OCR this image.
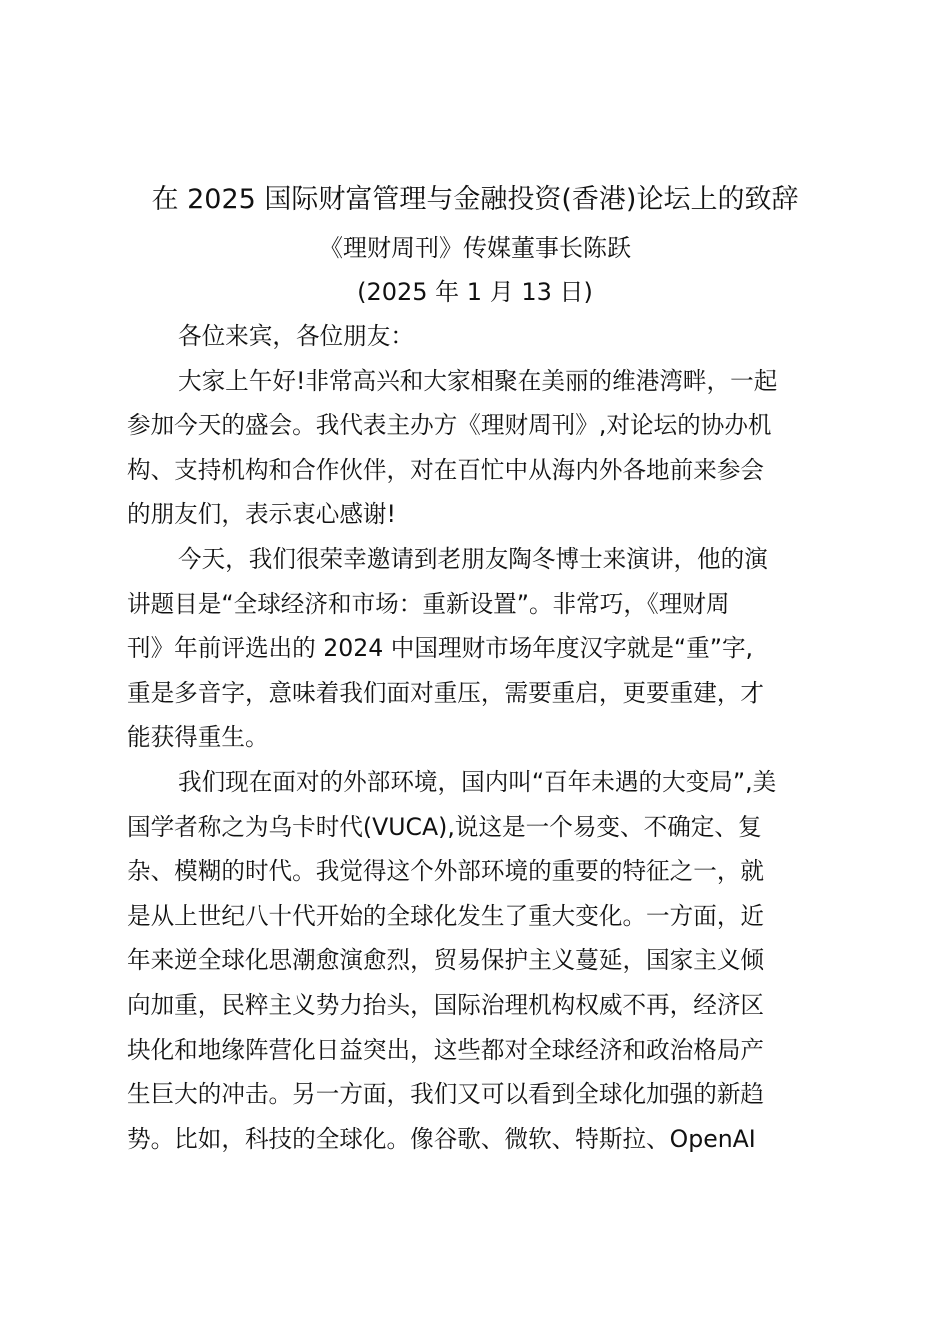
在 2025 国际财富管理与金融投资(香港)论坛上的致辞
《理财周刊》传媒董事长陈跃
(2025 年 1 月 13 日)
各位来宾，各位朋友：
大家上午好!非常高兴和大家相聚在美丽的维港湾畔，一起
参加今天的盛会。我代表主办方《理财周刊》,对论坛的协办机
构、支持机构和合作伙伴，对在百忙中从海内外各地前来参会
的朋友们，表示衷心感谢!
今天，我们很荣幸邀请到老朋友陶冬博士来演讲，他的演
讲题目是“全球经济和市场：重新设置”。非常巧，《理财周
刊》年前评选出的 2024 中国理财市场年度汉字就是“重”字,
重是多音字，意味着我们面对重压，需要重启，更要重建，才
能获得重生。
我们现在面对的外部环境，国内叫“百年未遇的大变局”,美
国学者称之为乌卡时代(VUCA),说这是一个易变、不确定、复
杂、模糊的时代。我觉得这个外部环境的重要的特征之一，就
是从上世纪八十代开始的全球化发生了重大变化。一方面，近
年来逆全球化思潮愈演愈烈，贸易保护主义蔓延，国家主义倾
向加重，民粹主义势力抬头，国际治理机构权威不再，经济区
块化和地缘阵营化日益突出，这些都对全球经济和政治格局产
生巨大的冲击。另一方面，我们又可以看到全球化加强的新趋
势。比如，科技的全球化。像谷歌、微软、特斯拉、OpenAI
